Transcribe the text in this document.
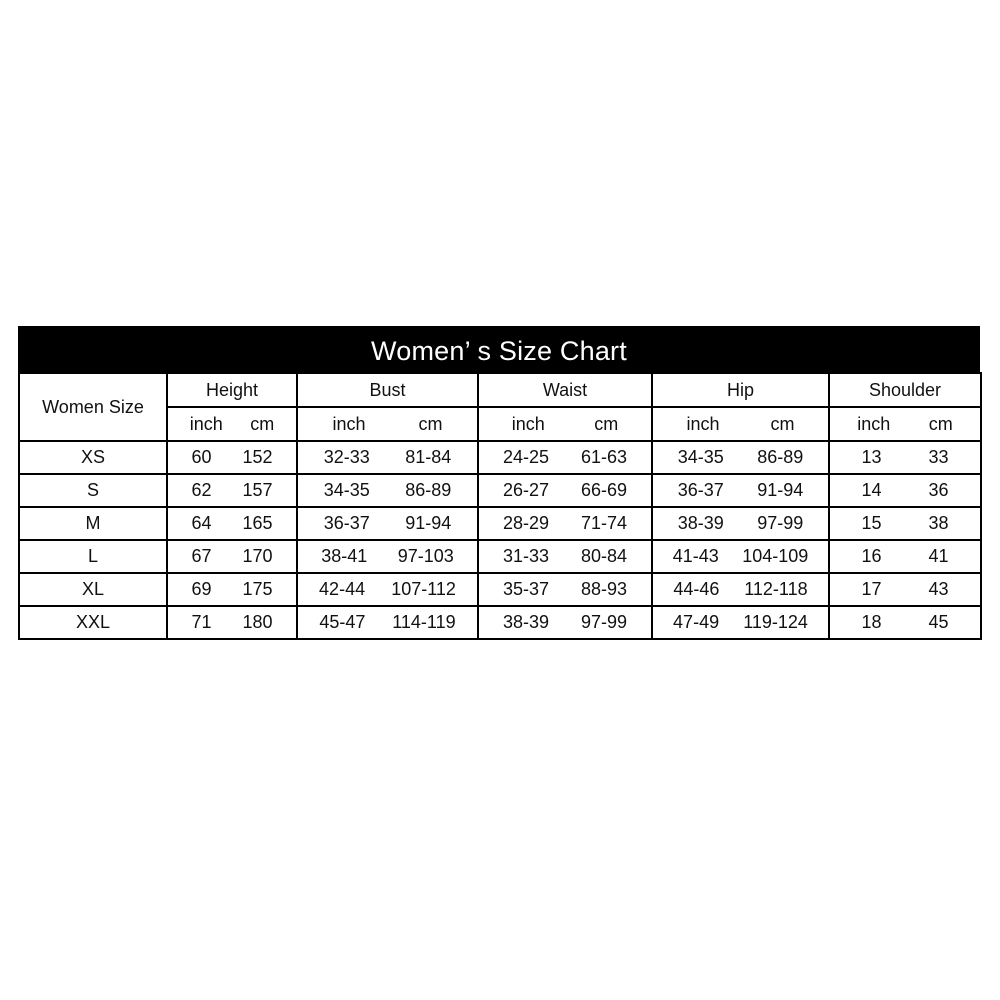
Women’ s Size Chart
Women Size	Height	Bust	Waist	Hip	Shoulder

	inch cm	inch cm	inch cm	inch cm	inch cm

XS	60 152	32-33 81-84	24-25 61-63	34-35 86-89	13 33

S	62 157	34-35 86-89	26-27 66-69	36-37 91-94	14 36

M	64 165	36-37 91-94	28-29 71-74	38-39 97-99	15 38

L	67 170	38-41 97-103	31-33 80-84	41-43 104-109	16 41

XL	69 175	42-44 107-112	35-37 88-93	44-46 112-118	17 43

XXL	71 180	45-47 114-119	38-39 97-99	47-49 119-124	18 45
